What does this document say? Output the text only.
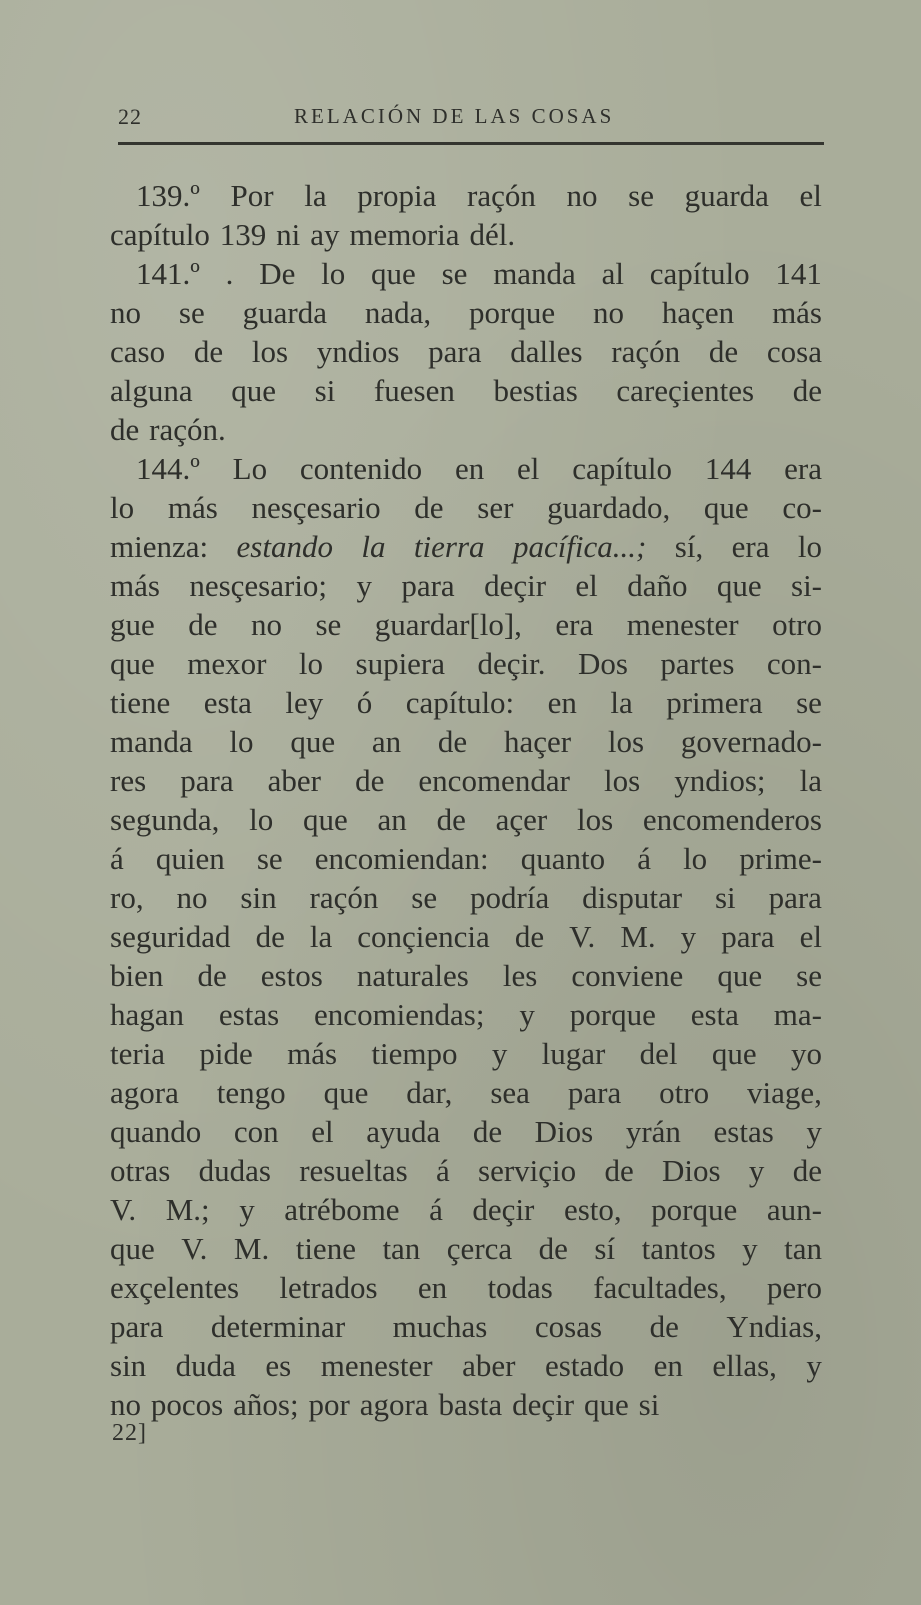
22	RELACIÓN DE LAS COSAS
139.º Por la propia raçón no se guarda el
capítulo 139 ni ay memoria dél.
141.º . De lo que se manda al capítulo 141
no se guarda nada, porque no haçen más
caso de los yndios para dalles raçón de cosa
alguna que si fuesen bestias careçientes de
de raçón.
144.º Lo contenido en el capítulo 144 era
lo más nesçesario de ser guardado, que co-
mienza: estando la tierra pacífica...; sí, era lo
más nesçesario; y para deçir el daño que si-
gue de no se guardar[lo], era menester otro
que mexor lo supiera deçir. Dos partes con-
tiene esta ley ó capítulo: en la primera se
manda lo que an de haçer los governado-
res para aber de encomendar los yndios; la
segunda, lo que an de açer los encomenderos
á quien se encomiendan: quanto á lo prime-
ro, no sin raçón se podría disputar si para
seguridad de la conçiencia de V. M. y para el
bien de estos naturales les conviene que se
hagan estas encomiendas; y porque esta ma-
teria pide más tiempo y lugar del que yo
agora tengo que dar, sea para otro viage,
quando con el ayuda de Dios yrán estas y
otras dudas resueltas á serviçio de Dios y de
V. M.; y atrébome á deçir esto, porque aun-
que V. M. tiene tan çerca de sí tantos y tan
exçelentes letrados en todas facultades, pero
para determinar muchas cosas de Yndias,
sin duda es menester aber estado en ellas, y
no pocos años; por agora basta deçir que si
22]
